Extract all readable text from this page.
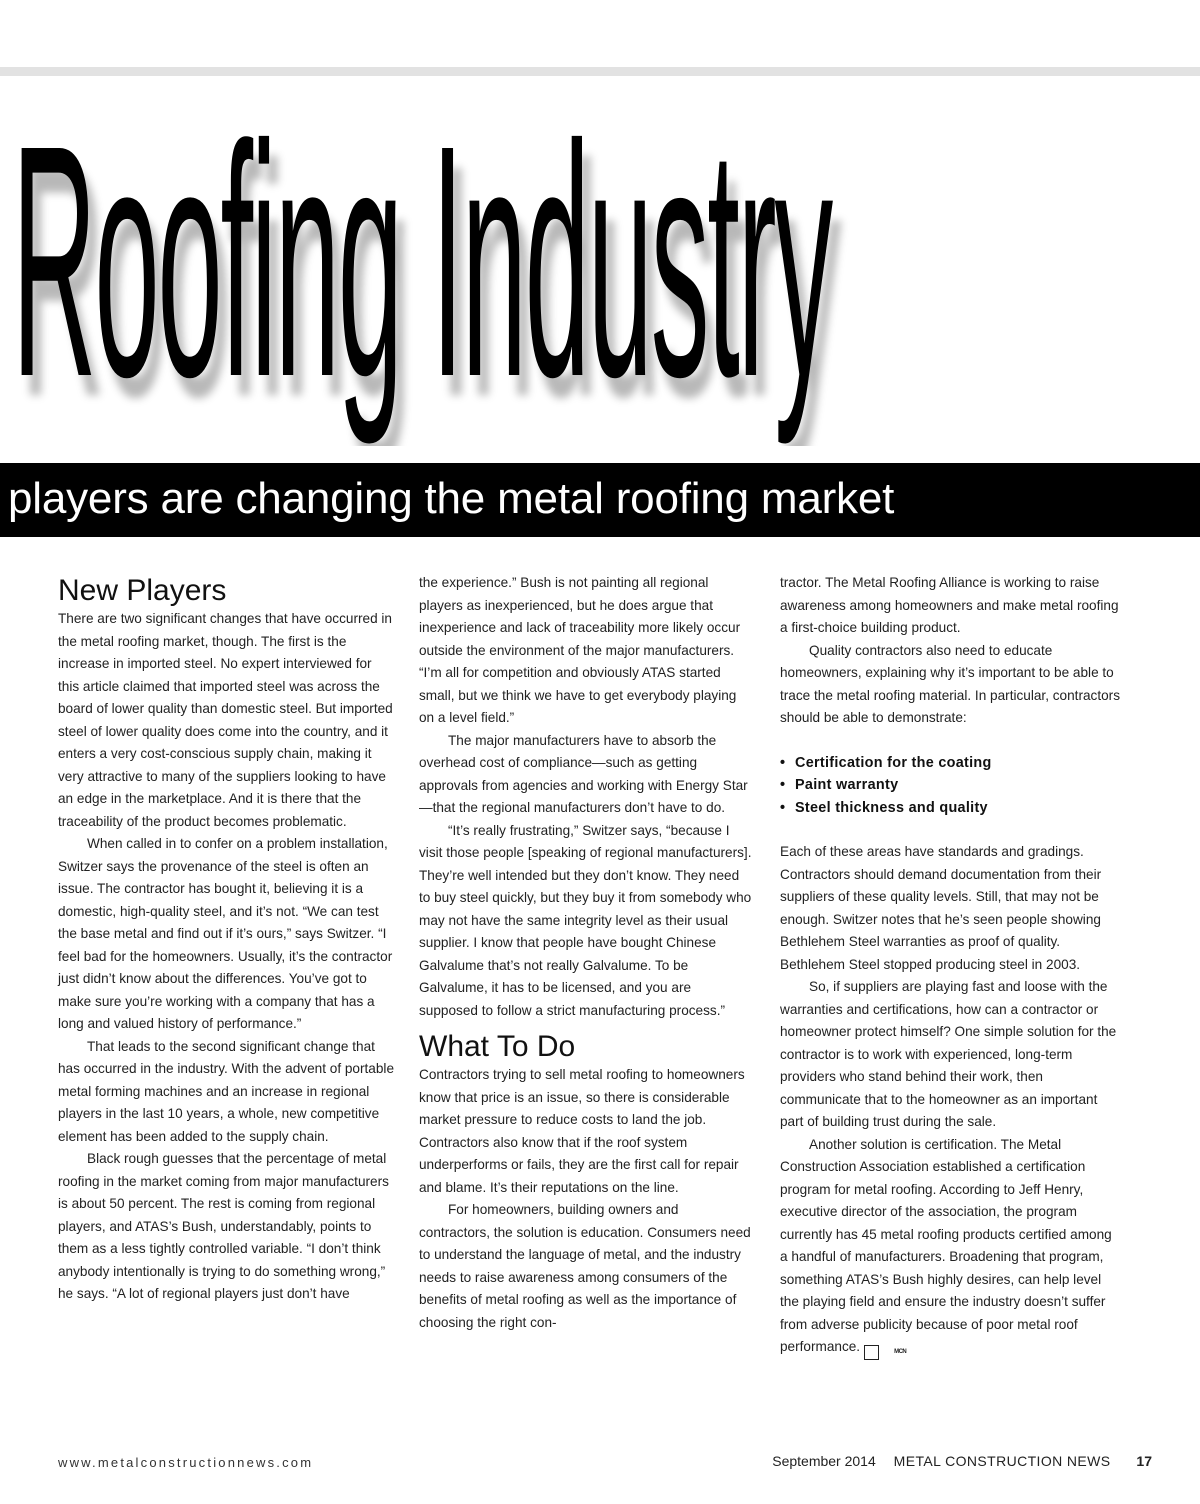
Roofing Industry
players are changing the metal roofing market
New Players

There are two significant changes that have occurred in the metal roofing market, though. The first is the increase in imported steel. No expert interviewed for this article claimed that imported steel was across the board of lower quality than domestic steel. But imported steel of lower quality does come into the country, and it enters a very cost-conscious supply chain, making it very attractive to many of the suppliers looking to have an edge in the marketplace. And it is there that the traceability of the product becomes problematic.

When called in to confer on a problem installation, Switzer says the provenance of the steel is often an issue. The contractor has bought it, believing it is a domestic, high-quality steel, and it’s not. “We can test the base metal and find out if it’s ours,” says Switzer. “I feel bad for the homeowners. Usually, it’s the contractor just didn’t know about the differences. You’ve got to make sure you’re working with a company that has a long and valued history of performance.”

That leads to the second significant change that has occurred in the industry. With the advent of portable metal forming machines and an increase in regional players in the last 10 years, a whole, new competitive element has been added to the supply chain.

Black rough guesses that the percentage of metal roofing in the market coming from major manufacturers is about 50 percent. The rest is coming from regional players, and ATAS’s Bush, understandably, points to them as a less tightly controlled variable. “I don’t think anybody intentionally is trying to do something wrong,” he says. “A lot of regional players just don’t have

the experience.” Bush is not painting all regional players as inexperienced, but he does argue that inexperience and lack of traceability more likely occur outside the environment of the major manufacturers. “I’m all for competition and obviously ATAS started small, but we think we have to get everybody playing on a level field.”

The major manufacturers have to absorb the overhead cost of compliance—such as getting approvals from agencies and working with Energy Star—that the regional manufacturers don’t have to do.

“It’s really frustrating,” Switzer says, “because I visit those people [speaking of regional manufacturers]. They’re well intended but they don’t know. They need to buy steel quickly, but they buy it from somebody who may not have the same integrity level as their usual supplier. I know that people have bought Chinese Galvalume that’s not really Galvalume. To be Galvalume, it has to be licensed, and you are supposed to follow a strict manufacturing process.”

What To Do

Contractors trying to sell metal roofing to homeowners know that price is an issue, so there is considerable market pressure to reduce costs to land the job. Contractors also know that if the roof system underperforms or fails, they are the first call for repair and blame. It’s their reputations on the line.

For homeowners, building owners and contractors, the solution is education. Consumers need to understand the language of metal, and the industry needs to raise awareness among consumers of the benefits of metal roofing as well as the importance of choosing the right con-

tractor. The Metal Roofing Alliance is working to raise awareness among homeowners and make metal roofing a first-choice building product.

Quality contractors also need to educate homeowners, explaining why it’s important to be able to trace the metal roofing material. In particular, contractors should be able to demonstrate:

• Certification for the coating
• Paint warranty
• Steel thickness and quality

Each of these areas have standards and gradings. Contractors should demand documentation from their suppliers of these quality levels. Still, that may not be enough. Switzer notes that he’s seen people showing Bethlehem Steel warranties as proof of quality. Bethlehem Steel stopped producing steel in 2003.

So, if suppliers are playing fast and loose with the warranties and certifications, how can a contractor or homeowner protect himself? One simple solution for the contractor is to work with experienced, long-term providers who stand behind their work, then communicate that to the homeowner as an important part of building trust during the sale.

Another solution is certification. The Metal Construction Association established a certification program for metal roofing. According to Jeff Henry, executive director of the association, the program currently has 45 metal roofing products certified among a handful of manufacturers. Broadening that program, something ATAS’s Bush highly desires, can help level the playing field and ensure the industry doesn’t suffer from adverse publicity because of poor metal roof performance.	MCN

www.metalconstructionnews.com	September 2014 METAL CONSTRUCTION NEWS 17
